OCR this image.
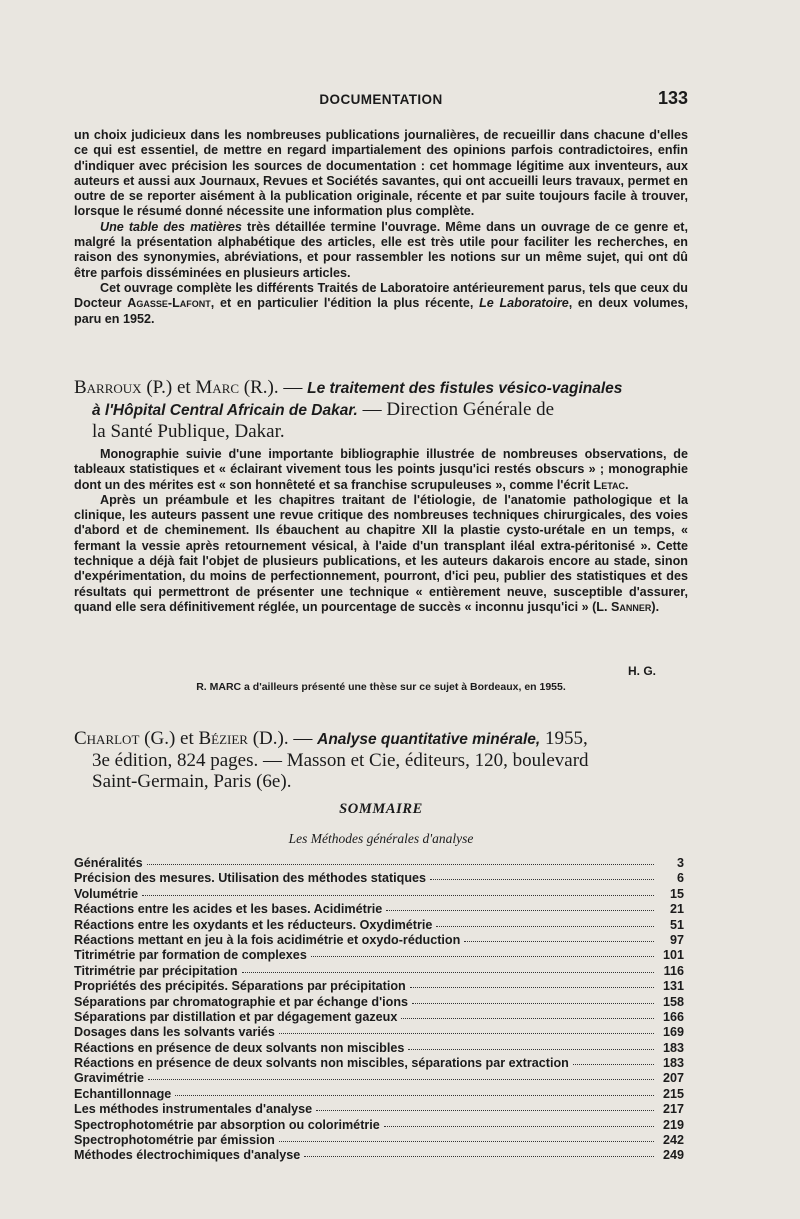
DOCUMENTATION	133

un choix judicieux dans les nombreuses publications journalières, de recueillir dans chacune d'elles ce qui est essentiel, de mettre en regard impartialement des opinions parfois contradictoires, enfin d'indiquer avec précision les sources de documentation : cet hommage légitime aux inventeurs, aux auteurs et aussi aux Journaux, Revues et Sociétés savantes, qui ont accueilli leurs travaux, permet en outre de se reporter aisément à la publication originale, récente et par suite toujours facile à trouver, lorsque le résumé donné nécessite une information plus complète.

Une table des matières très détaillée termine l'ouvrage. Même dans un ouvrage de ce genre et, malgré la présentation alphabétique des articles, elle est très utile pour faciliter les recherches, en raison des synonymies, abréviations, et pour rassembler les notions sur un même sujet, qui ont dû être parfois disséminées en plusieurs articles.

Cet ouvrage complète les différents Traités de Laboratoire antérieurement parus, tels que ceux du Docteur Agasse-Lafont, et en particulier l'édition la plus récente, Le Laboratoire, en deux volumes, paru en 1952.

Barroux (P.) et Marc (R.). — Le traitement des fistules vésico-vaginales
à l'Hôpital Central Africain de Dakar. — Direction Générale de
la Santé Publique, Dakar.

Monographie suivie d'une importante bibliographie illustrée de nombreuses observations, de tableaux statistiques et « éclairant vivement tous les points jusqu'ici restés obscurs » ; monographie dont un des mérites est « son honnêteté et sa franchise scrupuleuses », comme l'écrit Letac.

Après un préambule et les chapitres traitant de l'étiologie, de l'anatomie pathologique et la clinique, les auteurs passent une revue critique des nombreuses techniques chirurgicales, des voies d'abord et de cheminement. Ils ébauchent au chapitre XII la plastie cysto-urétale en un temps, « fermant la vessie après retournement vésical, à l'aide d'un transplant iléal extra-péritonisé ». Cette technique a déjà fait l'objet de plusieurs publications, et les auteurs dakarois encore au stade, sinon d'expérimentation, du moins de perfectionnement, pourront, d'ici peu, publier des statistiques et des résultats qui permettront de présenter une technique « entièrement neuve, susceptible d'assurer, quand elle sera définitivement réglée, un pourcentage de succès « inconnu jusqu'ici » (L. Sanner).

H. G.
R. MARC a d'ailleurs présenté une thèse sur ce sujet à Bordeaux, en 1955.
Charlot (G.) et Bézier (D.). — Analyse quantitative minérale, 1955,
3e édition, 824 pages. — Masson et Cie, éditeurs, 120, boulevard
Saint-Germain, Paris (6e).
SOMMAIRE
Les Méthodes générales d'analyse
Généralités	3
Précision des mesures. Utilisation des méthodes statiques	6
Volumétrie	15
Réactions entre les acides et les bases. Acidimétrie	21
Réactions entre les oxydants et les réducteurs. Oxydimétrie	51
Réactions mettant en jeu à la fois acidimétrie et oxydo-réduction	97
Titrimétrie par formation de complexes	101
Titrimétrie par précipitation	116
Propriétés des précipités. Séparations par précipitation	131
Séparations par chromatographie et par échange d'ions	158
Séparations par distillation et par dégagement gazeux	166
Dosages dans les solvants variés	169
Réactions en présence de deux solvants non miscibles	183
Réactions en présence de deux solvants non miscibles, séparations par extraction	183
Gravimétrie	207
Echantillonnage	215
Les méthodes instrumentales d'analyse	217
Spectrophotométrie par absorption ou colorimétrie	219
Spectrophotométrie par émission	242
Méthodes électrochimiques d'analyse	249
